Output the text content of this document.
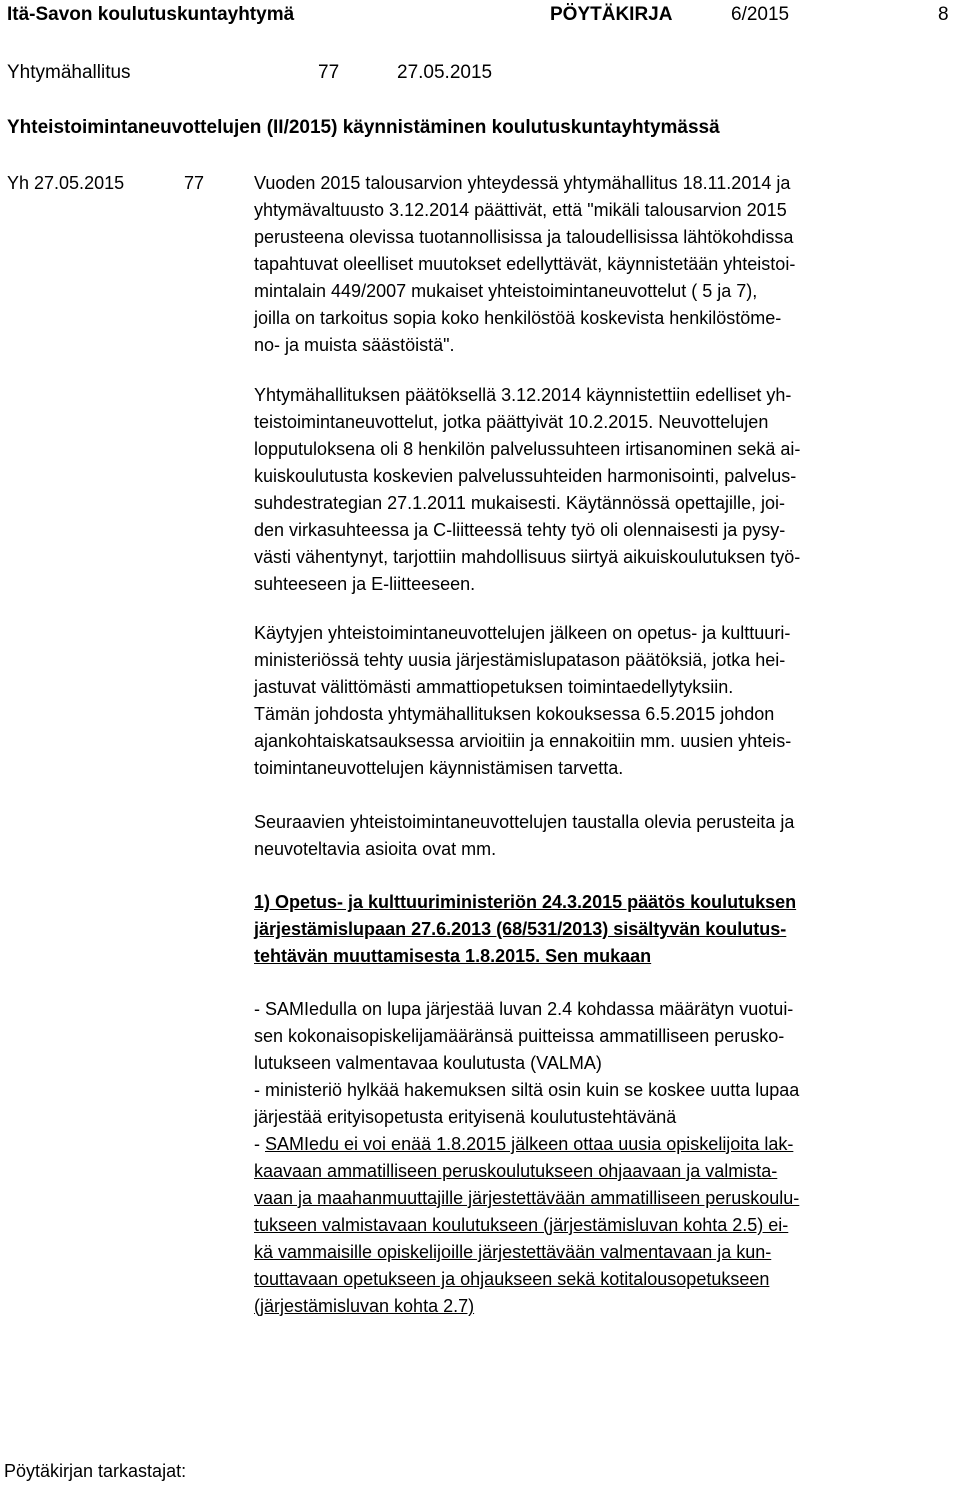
Itä-Savon koulutuskuntayhtymä	PÖYTÄKIRJA	6/2015	8
Yhtymähallitus	77	27.05.2015
Yhteistoimintaneuvottelujen (II/2015) käynnistäminen koulutuskuntayhtymässä
Yh 27.05.2015	77	Vuoden 2015 talousarvion yhteydessä yhtymähallitus 18.11.2014 ja
yhtymävaltuusto 3.12.2014 päättivät, että "mikäli talousarvion 2015
perusteena olevissa tuotannollisissa ja taloudellisissa lähtökohdissa
tapahtuvat oleelliset muutokset edellyttävät, käynnistetään yhteistoi-
mintalain 449/2007 mukaiset yhteistoimintaneuvottelut ( 5 ja 7),
joilla on tarkoitus sopia koko henkilöstöä koskevista henkilöstöme-
no- ja muista säästöistä".
Yhtymähallituksen päätöksellä 3.12.2014 käynnistettiin edelliset yh-
teistoimintaneuvottelut, jotka päättyivät 10.2.2015. Neuvottelujen
lopputuloksena oli 8 henkilön palvelussuhteen irtisanominen sekä ai-
kuiskoulutusta koskevien palvelussuhteiden harmonisointi, palvelus-
suhdestrategian 27.1.2011 mukaisesti. Käytännössä opettajille, joi-
den virkasuhteessa ja C-liitteessä tehty työ oli olennaisesti ja pysy-
västi vähentynyt, tarjottiin mahdollisuus siirtyä aikuiskoulutuksen työ-
suhteeseen ja E-liitteeseen.
Käytyjen yhteistoimintaneuvottelujen jälkeen on opetus- ja kulttuuri-
ministeriössä tehty uusia järjestämislupatason päätöksiä, jotka hei-
jastuvat välittömästi ammattiopetuksen toimintaedellytyksiin.
Tämän johdosta yhtymähallituksen kokouksessa 6.5.2015 johdon
ajankohtaiskatsauksessa arvioitiin ja ennakoitiin mm. uusien yhteis-
toimintaneuvottelujen käynnistämisen tarvetta.
Seuraavien yhteistoimintaneuvottelujen taustalla olevia perusteita ja
neuvoteltavia asioita ovat mm.
1) Opetus- ja kulttuuriministeriön 24.3.2015 päätös koulutuksen
järjestämislupaan 27.6.2013 (68/531/2013) sisältyvän koulutus-
tehtävän muuttamisesta 1.8.2015. Sen mukaan
- SAMIedulla on lupa järjestää luvan 2.4 kohdassa määrätyn vuotui-
sen kokonaisopiskelijamääränsä puitteissa ammatilliseen perusko-
lutukseen valmentavaa koulutusta (VALMA)
- ministeriö hylkää hakemuksen siltä osin kuin se koskee uutta lupaa
järjestää erityisopetusta erityisenä koulutustehtävänä
- SAMIedu ei voi enää 1.8.2015 jälkeen ottaa uusia opiskelijoita lak-
kaavaan ammatilliseen peruskoulutukseen ohjaavaan ja valmista-
vaan ja maahanmuuttajille järjestettävään ammatilliseen peruskoulu-
tukseen valmistavaan koulutukseen (järjestämisluvan kohta 2.5) ei-
kä vammaisille opiskelijoille järjestettävään valmentavaan ja kun-
touttavaan opetukseen ja ohjaukseen sekä kotitalousopetukseen
(järjestämisluvan kohta 2.7)
Pöytäkirjan tarkastajat:
